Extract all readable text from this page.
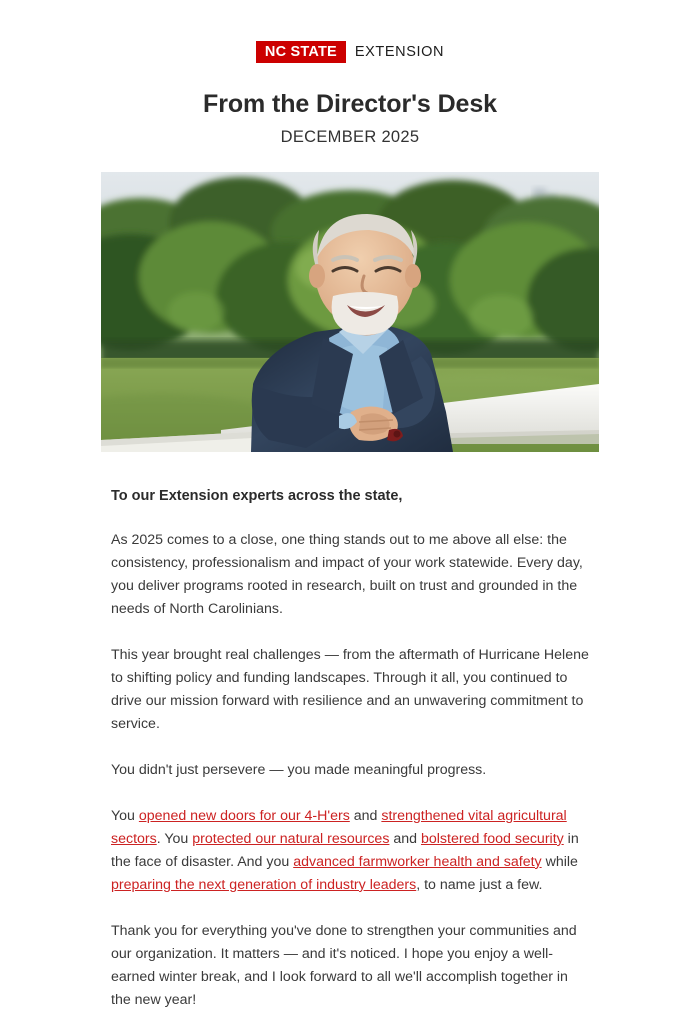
NC STATE	EXTENSION
From the Director's Desk
DECEMBER 2025

To our Extension experts across the state,

As 2025 comes to a close, one thing stands out to me above all else: the consistency, professionalism and impact of your work statewide. Every day, you deliver programs rooted in research, built on trust and grounded in the needs of North Carolinians.

This year brought real challenges — from the aftermath of Hurricane Helene to shifting policy and funding landscapes. Through it all, you continued to drive our mission forward with resilience and an unwavering commitment to service.

You didn't just persevere — you made meaningful progress.

You opened new doors for our 4-H'ers and strengthened vital agricultural sectors. You protected our natural resources and bolstered food security in the face of disaster. And you advanced farmworker health and safety while preparing the next generation of industry leaders, to name just a few.

Thank you for everything you've done to strengthen your communities and our organization. It matters — and it's noticed. I hope you enjoy a well-earned winter break, and I look forward to all we'll accomplish together in the new year!
